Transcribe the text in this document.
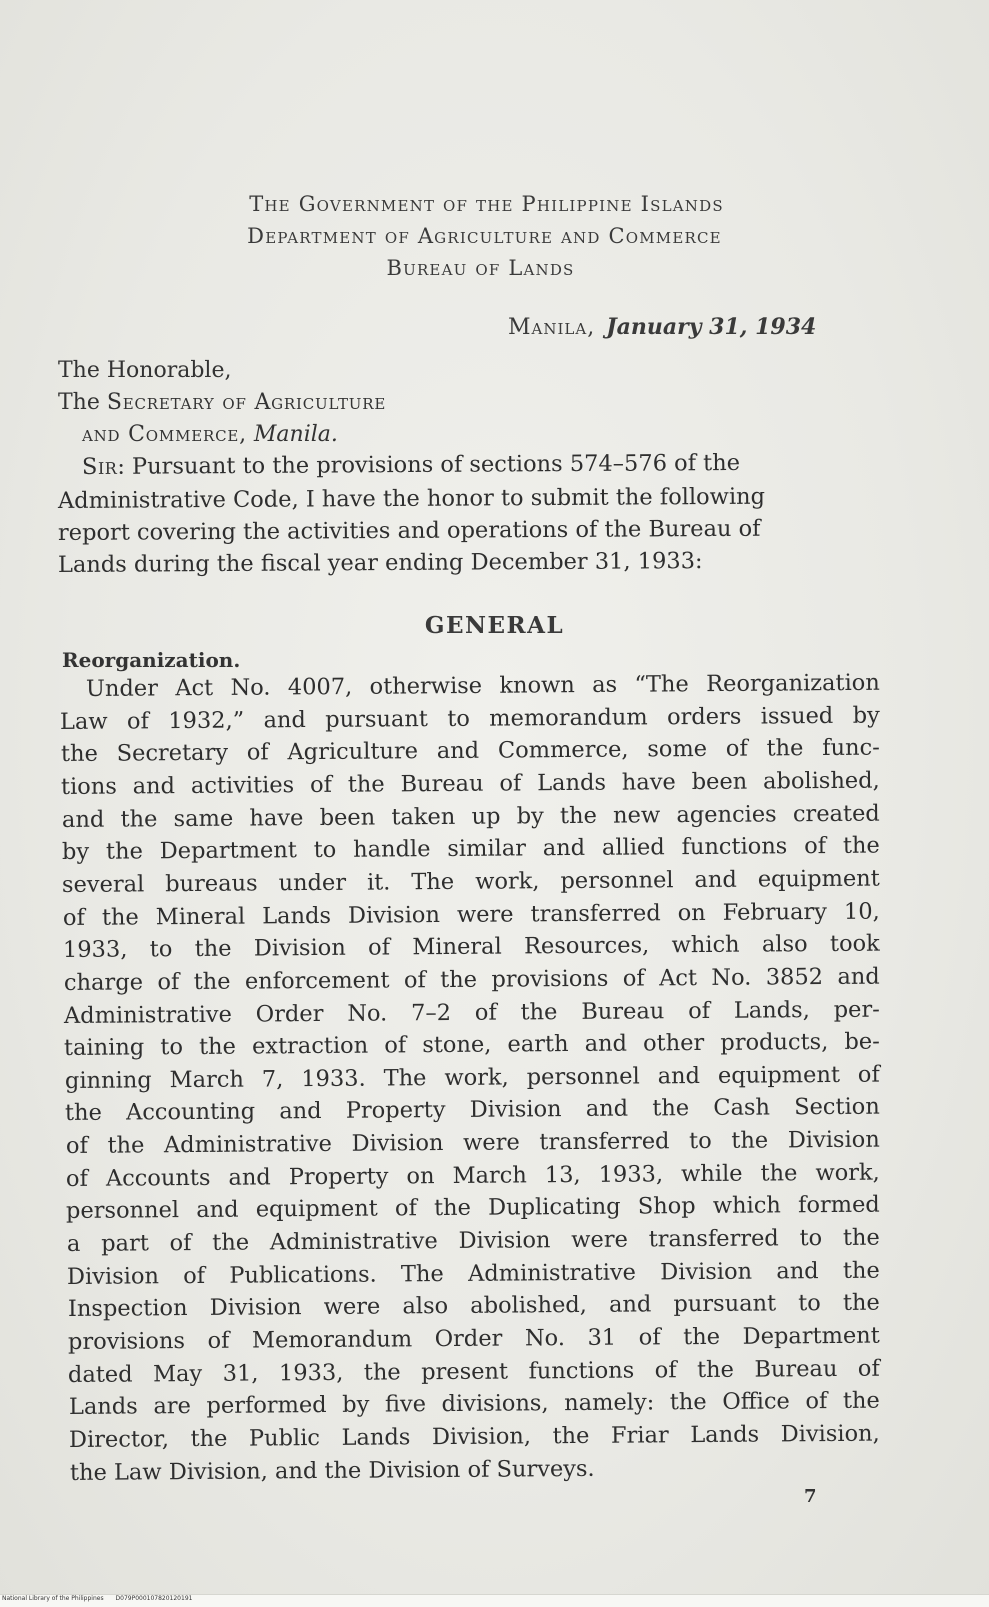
The Government of the Philippine Islands
Department of Agriculture and Commerce
Bureau of Lands
Manila, January 31, 1934
The Honorable,
The Secretary of Agriculture
and Commerce, Manila.
Sir: Pursuant to the provisions of sections 574–576 of the
Administrative Code, I have the honor to submit the following
report covering the activities and operations of the Bureau of
Lands during the fiscal year ending December 31, 1933:
GENERAL
Reorganization.
Under Act No. 4007, otherwise known as “The Reorganization
Law of 1932,” and pursuant to memorandum orders issued by
the Secretary of Agriculture and Commerce, some of the func-
tions and activities of the Bureau of Lands have been abolished,
and the same have been taken up by the new agencies created
by the Department to handle similar and allied functions of the
several bureaus under it. The work, personnel and equipment
of the Mineral Lands Division were transferred on February 10,
1933, to the Division of Mineral Resources, which also took
charge of the enforcement of the provisions of Act No. 3852 and
Administrative Order No. 7–2 of the Bureau of Lands, per-
taining to the extraction of stone, earth and other products, be-
ginning March 7, 1933. The work, personnel and equipment of
the Accounting and Property Division and the Cash Section
of the Administrative Division were transferred to the Division
of Accounts and Property on March 13, 1933, while the work,
personnel and equipment of the Duplicating Shop which formed
a part of the Administrative Division were transferred to the
Division of Publications. The Administrative Division and the
Inspection Division were also abolished, and pursuant to the
provisions of Memorandum Order No. 31 of the Department
dated May 31, 1933, the present functions of the Bureau of
Lands are performed by five divisions, namely: the Office of the
Director, the Public Lands Division, the Friar Lands Division,
the Law Division, and the Division of Surveys.
7
National Library of the Philippines D079P000107820120191
